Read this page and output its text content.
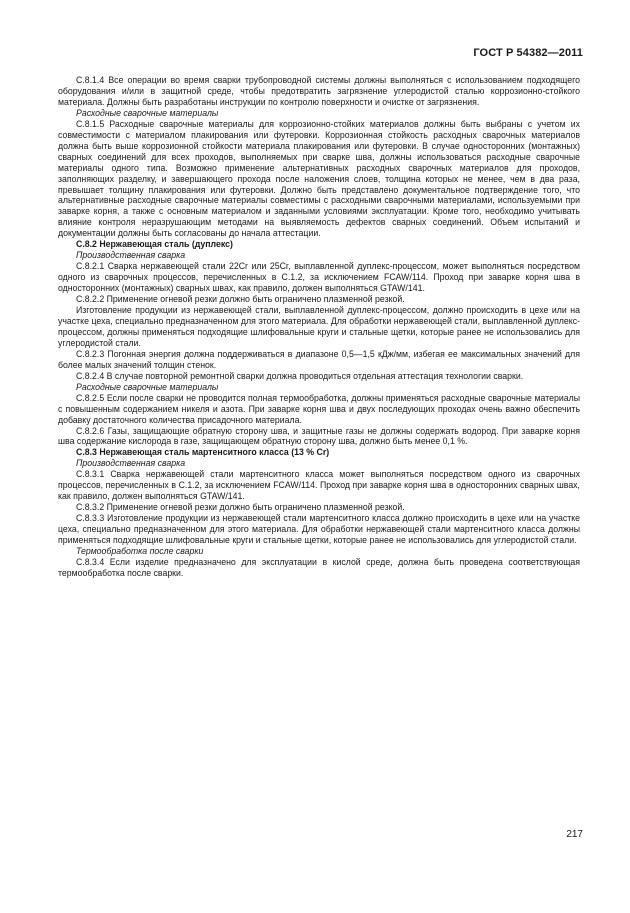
ГОСТ Р 54382—2011

С.8.1.4 Все операции во время сварки трубопроводной системы должны выполняться с использованием подходящего оборудования и/или в защитной среде, чтобы предотвратить загрязнение углеродистой сталью коррозионно-стойкого материала. Должны быть разработаны инструкции по контролю поверхности и очистке от загрязнения.

Расходные сварочные материалы

С.8.1.5 Расходные сварочные материалы для коррозионно-стойких материалов должны быть выбраны с учетом их совместимости с материалом плакирования или футеровки. Коррозионная стойкость расходных сварочных материалов должна быть выше коррозионной стойкости материала плакирования или футеровки. В случае односторонних (монтажных) сварных соединений для всех проходов, выполняемых при сварке шва, должны использоваться расходные сварочные материалы одного типа. Возможно применение альтернативных расходных сварочных материалов для проходов, заполняющих разделку, и завершающего прохода после наложения слоев, толщина которых не менее, чем в два раза, превышает толщину плакирования или футеровки. Должно быть представлено документальное подтверждение того, что альтернативные расходные сварочные материалы совместимы с расходными сварочными материалами, используемыми при заварке корня, а также с основным материалом и заданными условиями эксплуатации. Кроме того, необходимо учитывать влияние контроля неразрушающим методами на выявляемость дефектов сварных соединений. Объем испытаний и документации должны быть согласованы до начала аттестации.

С.8.2 Нержавеющая сталь (дуплекс)

Производственная сварка

С.8.2.1 Сварка нержавеющей стали 22Cr или 25Cr, выплавленной дуплекс-процессом, может выполняться посредством одного из сварочных процессов, перечисленных в С.1.2, за исключением FCAW/114. Проход при заварке корня шва в односторонних (монтажных) сварных швах, как правило, должен выполняться GTAW/141.

С.8.2.2 Применение огневой резки должно быть ограничено плазменной резкой.

Изготовление продукции из нержавеющей стали, выплавленной дуплекс-процессом, должно происходить в цехе или на участке цеха, специально предназначенном для этого материала. Для обработки нержавеющей стали, выплавленной дуплекс-процессом, должны применяться подходящие шлифовальные круги и стальные щетки, которые ранее не использовались для углеродистой стали.

С.8.2.3 Погонная энергия должна поддерживаться в диапазоне 0,5—1,5 кДж/мм, избегая ее максимальных значений для более малых значений толщин стенок.

С.8.2.4 В случае повторной ремонтной сварки должна проводиться отдельная аттестация технологии сварки.

Расходные сварочные материалы

С.8.2.5 Если после сварки не проводится полная термообработка, должны применяться расходные сварочные материалы с повышенным содержанием никеля и азота. При заварке корня шва и двух последующих проходах очень важно обеспечить добавку достаточного количества присадочного материала.

С.8.2.6 Газы, защищающие обратную сторону шва, и защитные газы не должны содержать водород. При заварке корня шва содержание кислорода в газе, защищающем обратную сторону шва, должно быть менее 0,1 %.

С.8.3 Нержавеющая сталь мартенситного класса (13 % Cr)

Производственная сварка

С.8.3.1 Сварка нержавеющей стали мартенситного класса может выполняться посредством одного из сварочных процессов, перечисленных в С.1.2, за исключением FCAW/114. Проход при заварке корня шва в односторонних сварных швах, как правило, должен выполняться GTAW/141.

С.8.3.2 Применение огневой резки должно быть ограничено плазменной резкой.

С.8.3.3 Изготовление продукции из нержавеющей стали мартенситного класса должно происходить в цехе или на участке цеха, специально предназначенном для этого материала. Для обработки нержавеющей стали мартенситного класса должны применяться подходящие шлифовальные круги и стальные щетки, которые ранее не использовались для углеродистой стали.

Термообработка после сварки

С.8.3.4 Если изделие предназначено для эксплуатации в кислой среде, должна быть проведена соответствующая термообработка после сварки.

217
